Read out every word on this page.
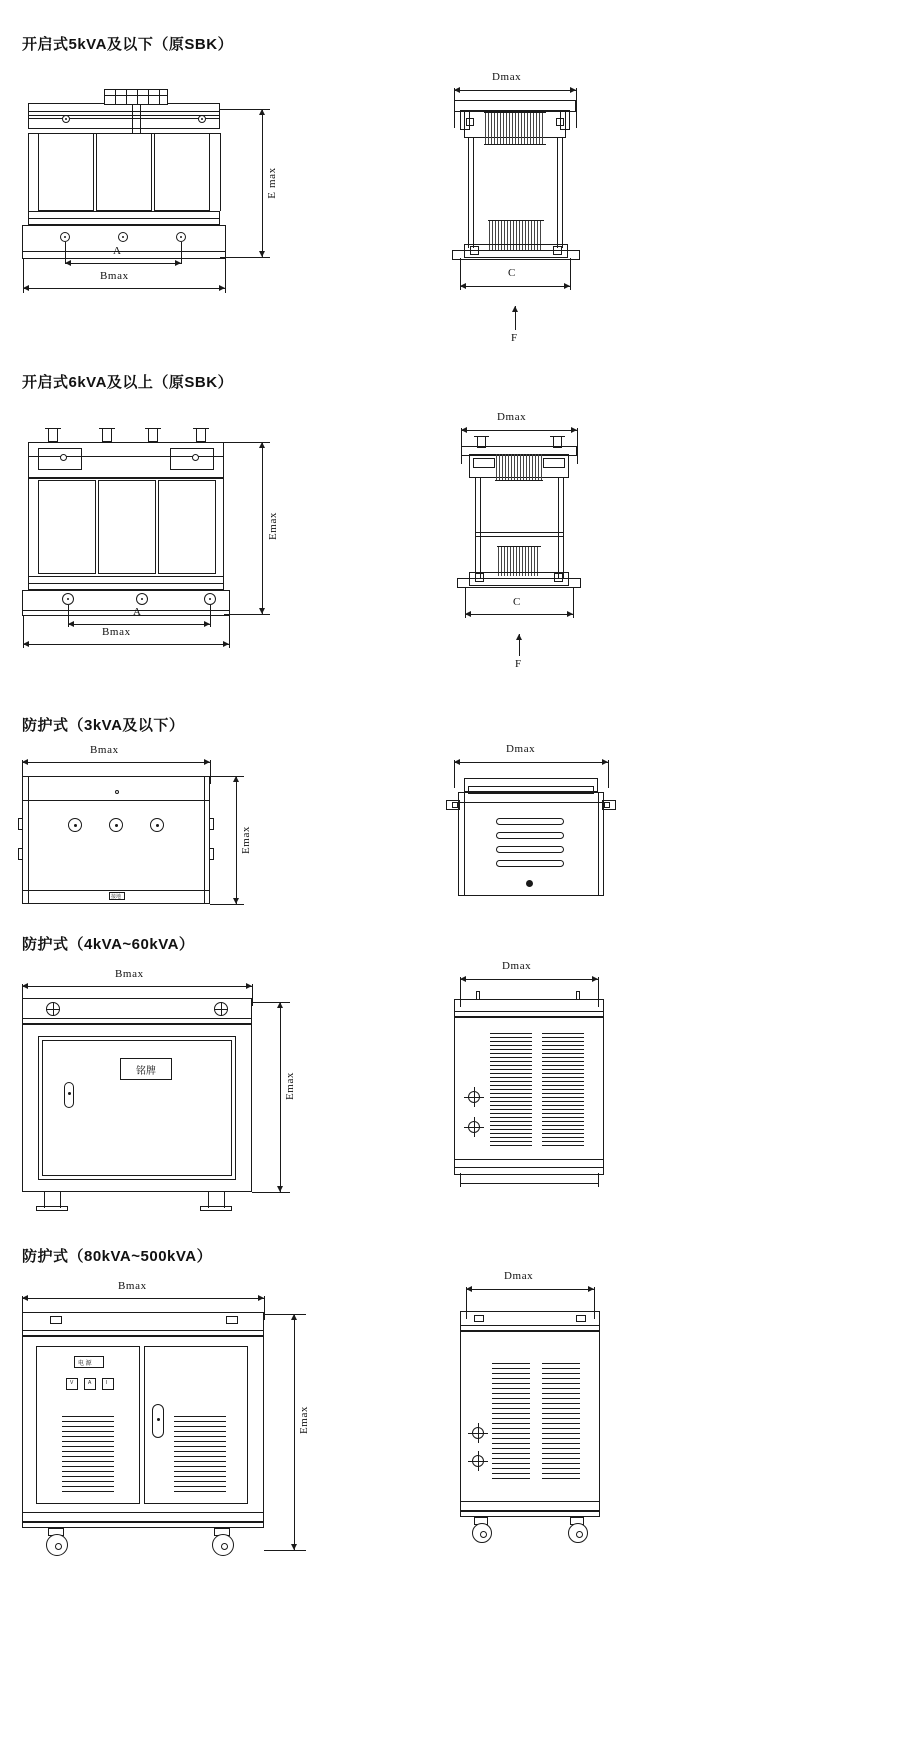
开启式5kVA及以下（原SBK）
E max
A
Bmax
Dmax
C
F
开启式6kVA及以上（原SBK）
Emax
A
Bmax
Dmax
C
F
防护式（3kVA及以下）
Bmax
接地
Emax
Dmax
防护式（4kVA~60kVA）
Bmax
铭牌
Emax
Dmax
防护式（80kVA~500kVA）
Bmax
电 源
V	A	I
Emax
Dmax
